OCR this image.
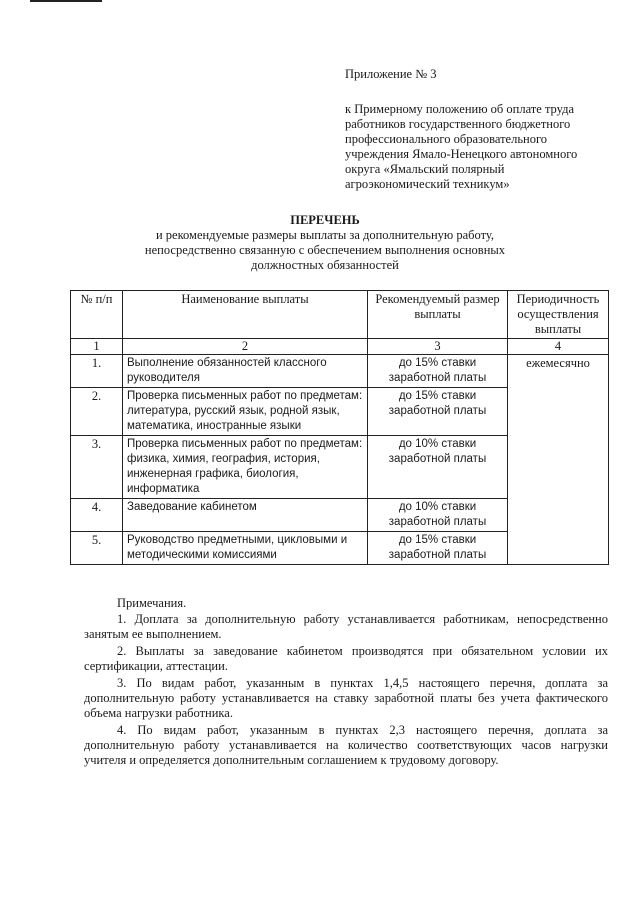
Приложение № 3
к Примерному положению об оплате труда
работников государственного бюджетного
профессионального образовательного
учреждения Ямало-Ненецкого автономного
округа «Ямальский полярный
агроэкономический техникум»
ПЕРЕЧЕНЬ
и рекомендуемые размеры выплаты за дополнительную работу,
непосредственно связанную с обеспечением выполнения основных
должностных обязанностей
№ п/п	Наименование выплаты	Рекомендуемый размер выплаты	Периодичность осуществления выплаты
1	2	3	4
1.	Выполнение обязанностей классного руководителя	до 15% ставки заработной платы	ежемесячно
2.	Проверка письменных работ по предметам: литература, русский язык, родной язык, математика, иностранные языки	до 15% ставки заработной платы	
3.	Проверка письменных работ по предметам: физика, химия, география, история, инженерная графика, биология, информатика	до 10% ставки заработной платы	
4.	Заведование кабинетом	до 10% ставки заработной платы	
5.	Руководство предметными, цикловыми и методическими комиссиями	до 15% ставки заработной платы	
Примечания.
1. Доплата за дополнительную работу устанавливается работникам, непосредственно занятым ее выполнением.
2. Выплаты за заведование кабинетом производятся при обязательном условии их сертификации, аттестации.
3. По видам работ, указанным в пунктах 1,4,5 настоящего перечня, доплата за дополнительную работу устанавливается на ставку заработной платы без учета фактического объема нагрузки работника.
4. По видам работ, указанным в пунктах 2,3 настоящего перечня, доплата за дополнительную работу устанавливается на количество соответствующих часов нагрузки учителя и определяется дополнительным соглашением к трудовому договору.
